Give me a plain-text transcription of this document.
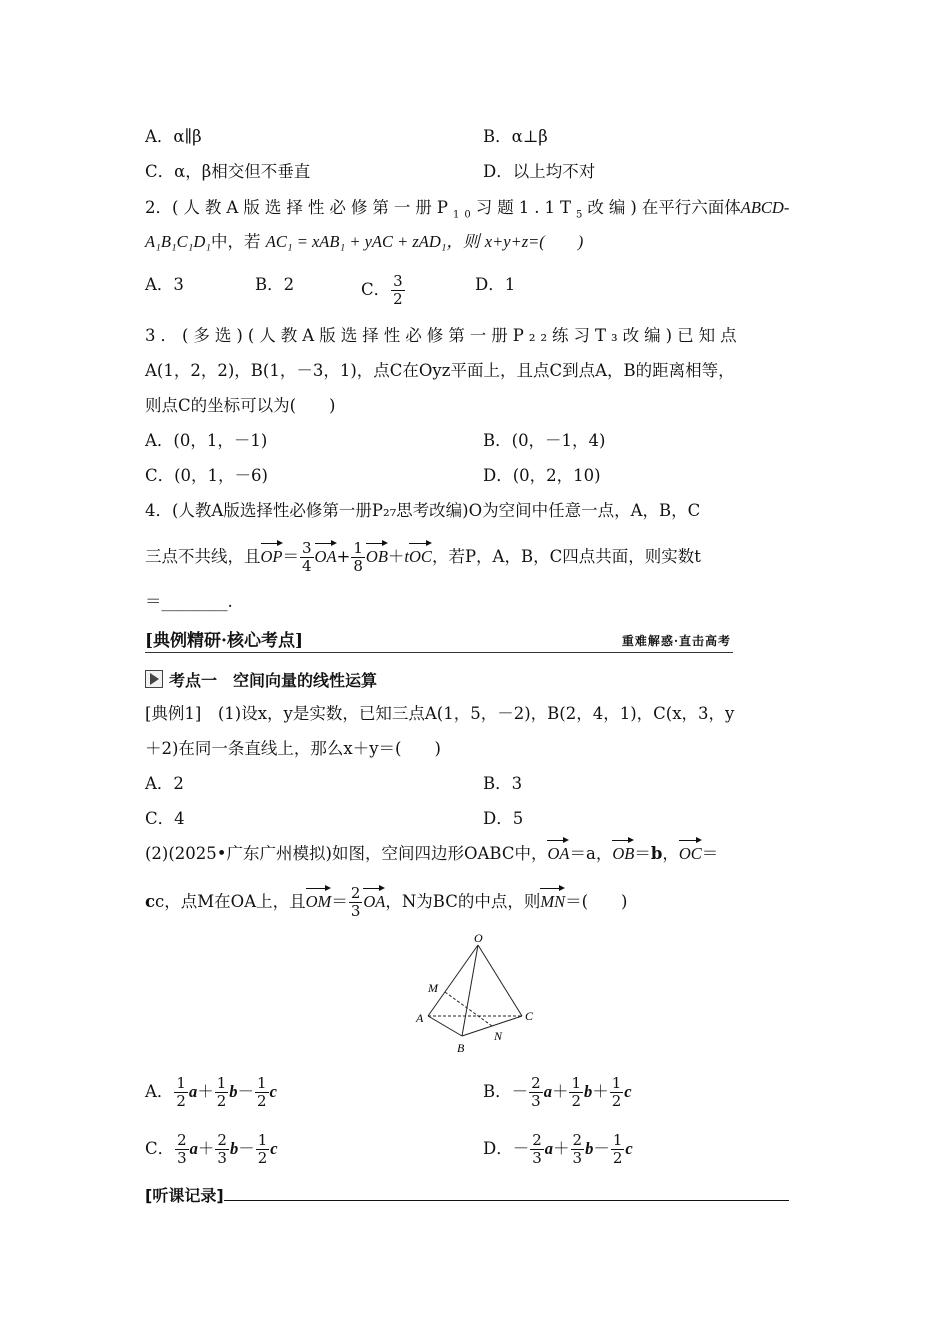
A．α∥β	B．α⊥β
C．α，β相交但不垂直	D．以上均不对
2．(人教A版选择性必修第一册$P_{10}$习题$1.1T_5$改编)在平行六面体ABCD-
A₁B₁C₁D₁中，若 AC₁ = xAB₁ + yAC + zAD₁，则 x+y+z=(　　)
A．3	B．2	C． $\frac{3}{2}$	D．1
3．(多选)(人教A版选择性必修第一册P₂₂练习T₃改编)已知点
A(1，2，2)，B(1，－3，1)，点C在Oyz平面上，且点C到点A，B的距离相等，
则点C的坐标可以为(　　)
A．(0，1，－1)	B．(0，－1，4)
C．(0，1，－6)	D．(0，2，10)
4．(人教A版选择性必修第一册P₂₇思考改编)O为空间中任意一点，A，B，C
三点不共线，且$OP= \frac{3}{4} OA+ \frac{1}{8} OB+tOC$，若P，A，B，C四点共面，则实数t
＝________.
[典例精研·核心考点]	重难解惑·直击高考
考点一　 空间向量的线性运算
[典例1]　(1)设x，y是实数，已知三点A(1，5，－2)，B(2，4，1)，C(x，3，y
＋2)在同一条直线上，那么x＋y＝(　　)
A．2	B．3
C．4	D．5
(2)(2025•广东广州模拟)如图，空间四边形OABC中，OA＝a，OB＝b，OC＝
cc，点M在OA上，且$OM= \frac{2}{3}$ OA，N为BC的中点，则MN＝(　　)
O
M
A
B
C
N
A． $\frac{1}{2} a+ \frac{1}{2} b- \frac{1}{2}$ c	B．－ $\frac{2}{3} a+ \frac{1}{2} b+ \frac{1}{2}$ c
C． $\frac{2}{3} a+ \frac{2}{3} b- \frac{1}{2}$ c	D．－ $\frac{2}{3} a+ \frac{2}{3} b- \frac{1}{2}$ c
[听课记录]
